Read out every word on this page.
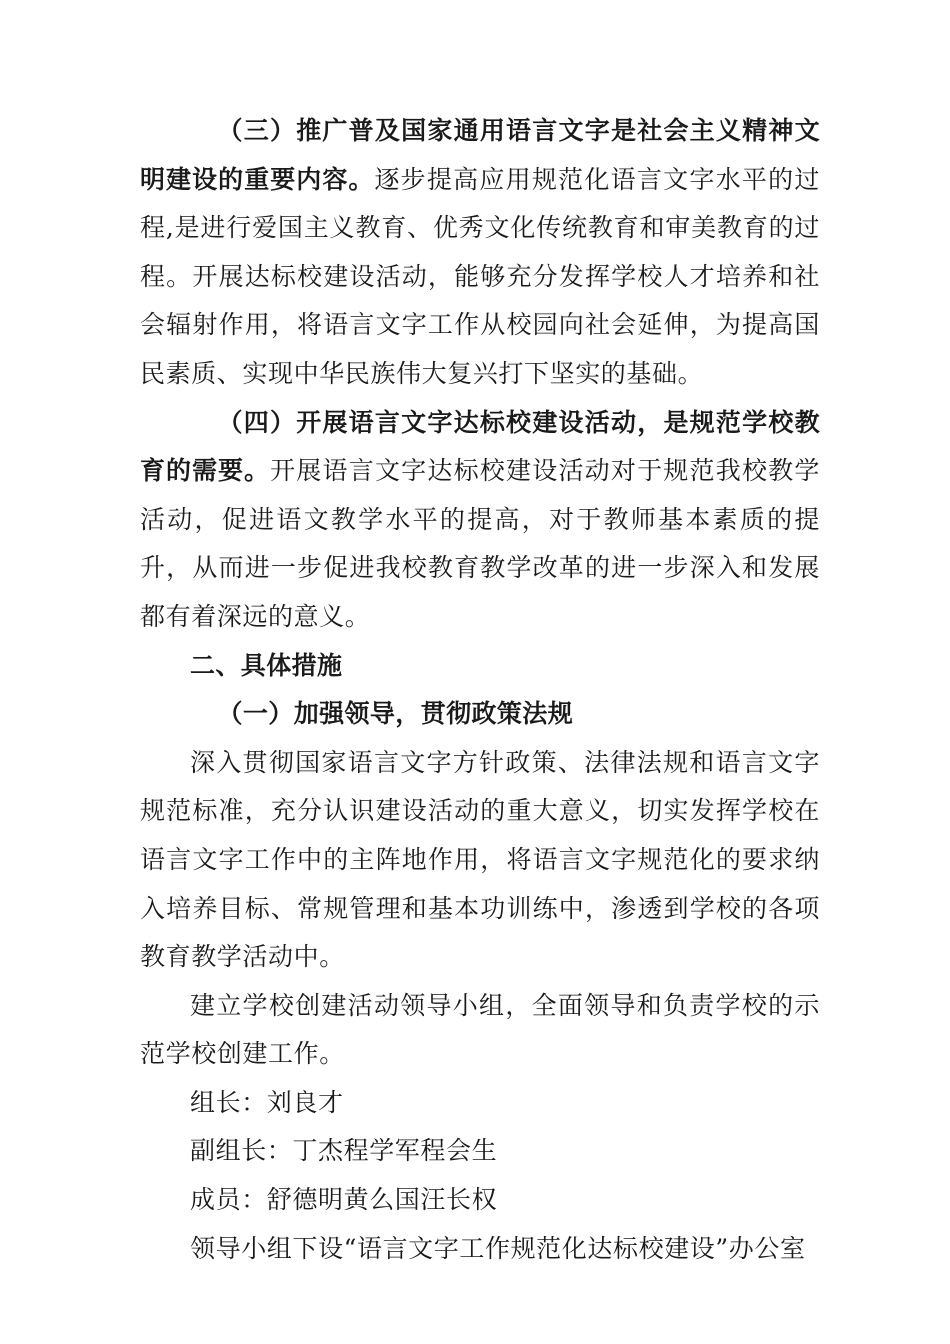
（三）推广普及国家通用语言文字是社会主义精神文明建设的重要内容。逐步提高应用规范化语言文字水平的过程,是进行爱国主义教育、优秀文化传统教育和审美教育的过程。开展达标校建设活动，能够充分发挥学校人才培养和社会辐射作用，将语言文字工作从校园向社会延伸，为提高国民素质、实现中华民族伟大复兴打下坚实的基础。

（四）开展语言文字达标校建设活动，是规范学校教育的需要。开展语言文字达标校建设活动对于规范我校教学活动，促进语文教学水平的提高，对于教师基本素质的提升，从而进一步促进我校教育教学改革的进一步深入和发展都有着深远的意义。

二、具体措施

（一）加强领导，贯彻政策法规

深入贯彻国家语言文字方针政策、法律法规和语言文字规范标准，充分认识建设活动的重大意义，切实发挥学校在语言文字工作中的主阵地作用，将语言文字规范化的要求纳入培养目标、常规管理和基本功训练中，渗透到学校的各项教育教学活动中。

建立学校创建活动领导小组，全面领导和负责学校的示范学校创建工作。

组长：刘良才

副组长：丁杰程学军程会生

成员：舒德明黄么国汪长权

领导小组下设“语言文字工作规范化达标校建设”办公室
